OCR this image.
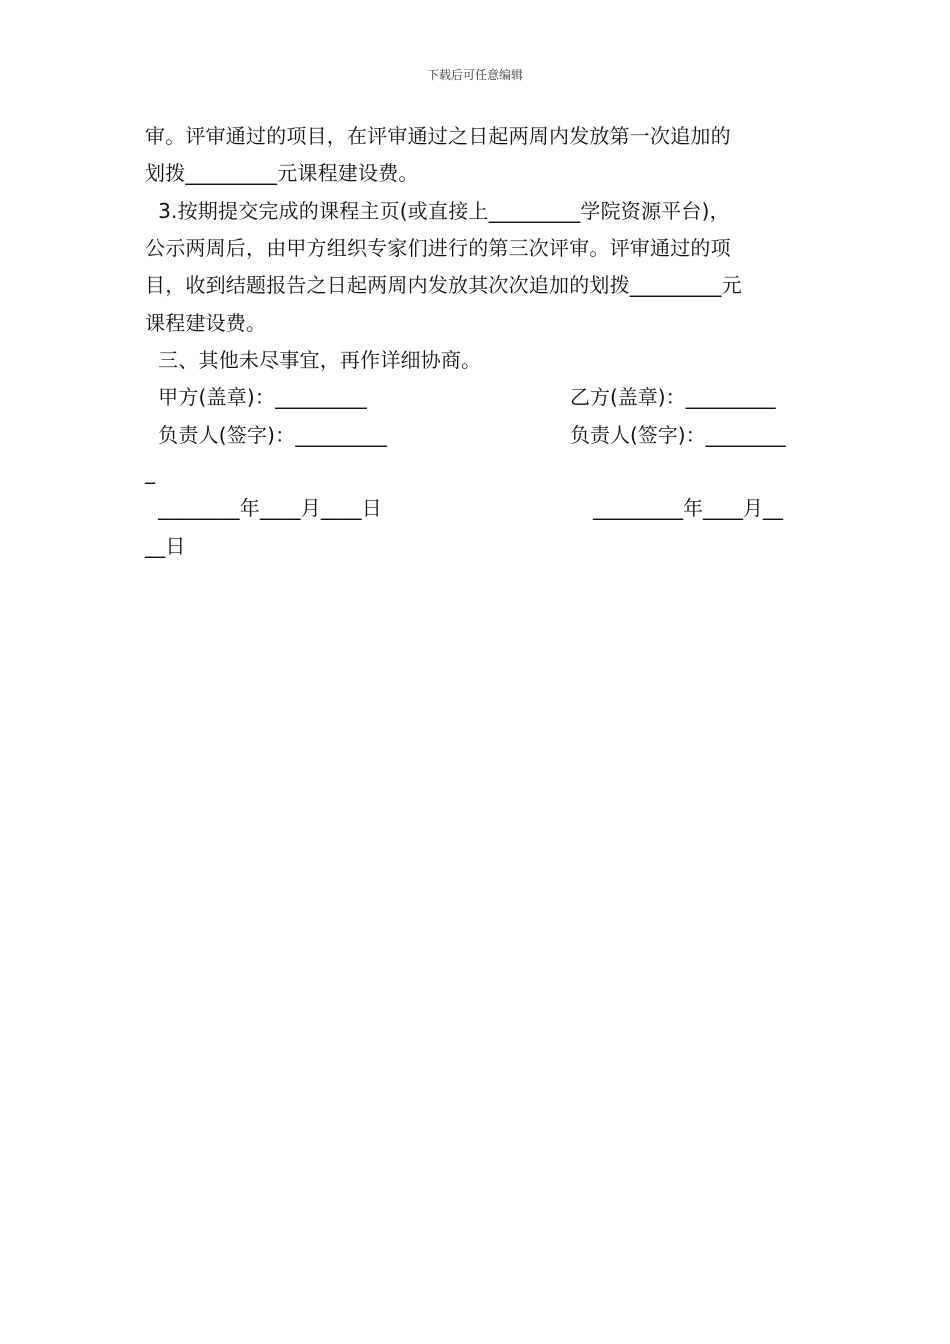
下载后可任意编辑
审。评审通过的项目，在评审通过之日起两周内发放第一次追加的
划拨_________元课程建设费。
3.按期提交完成的课程主页(或直接上_________学院资源平台)，
公示两周后，由甲方组织专家们进行的第三次评审。评审通过的项
目，收到结题报告之日起两周内发放其次次追加的划拨_________元
课程建设费。
三、其他未尽事宜，再作详细协商。
甲方(盖章)：_________	乙方(盖章)：_________
负责人(签字)：_________	负责人(签字)：________
_
________年____月____日	_________年____月__
__日
